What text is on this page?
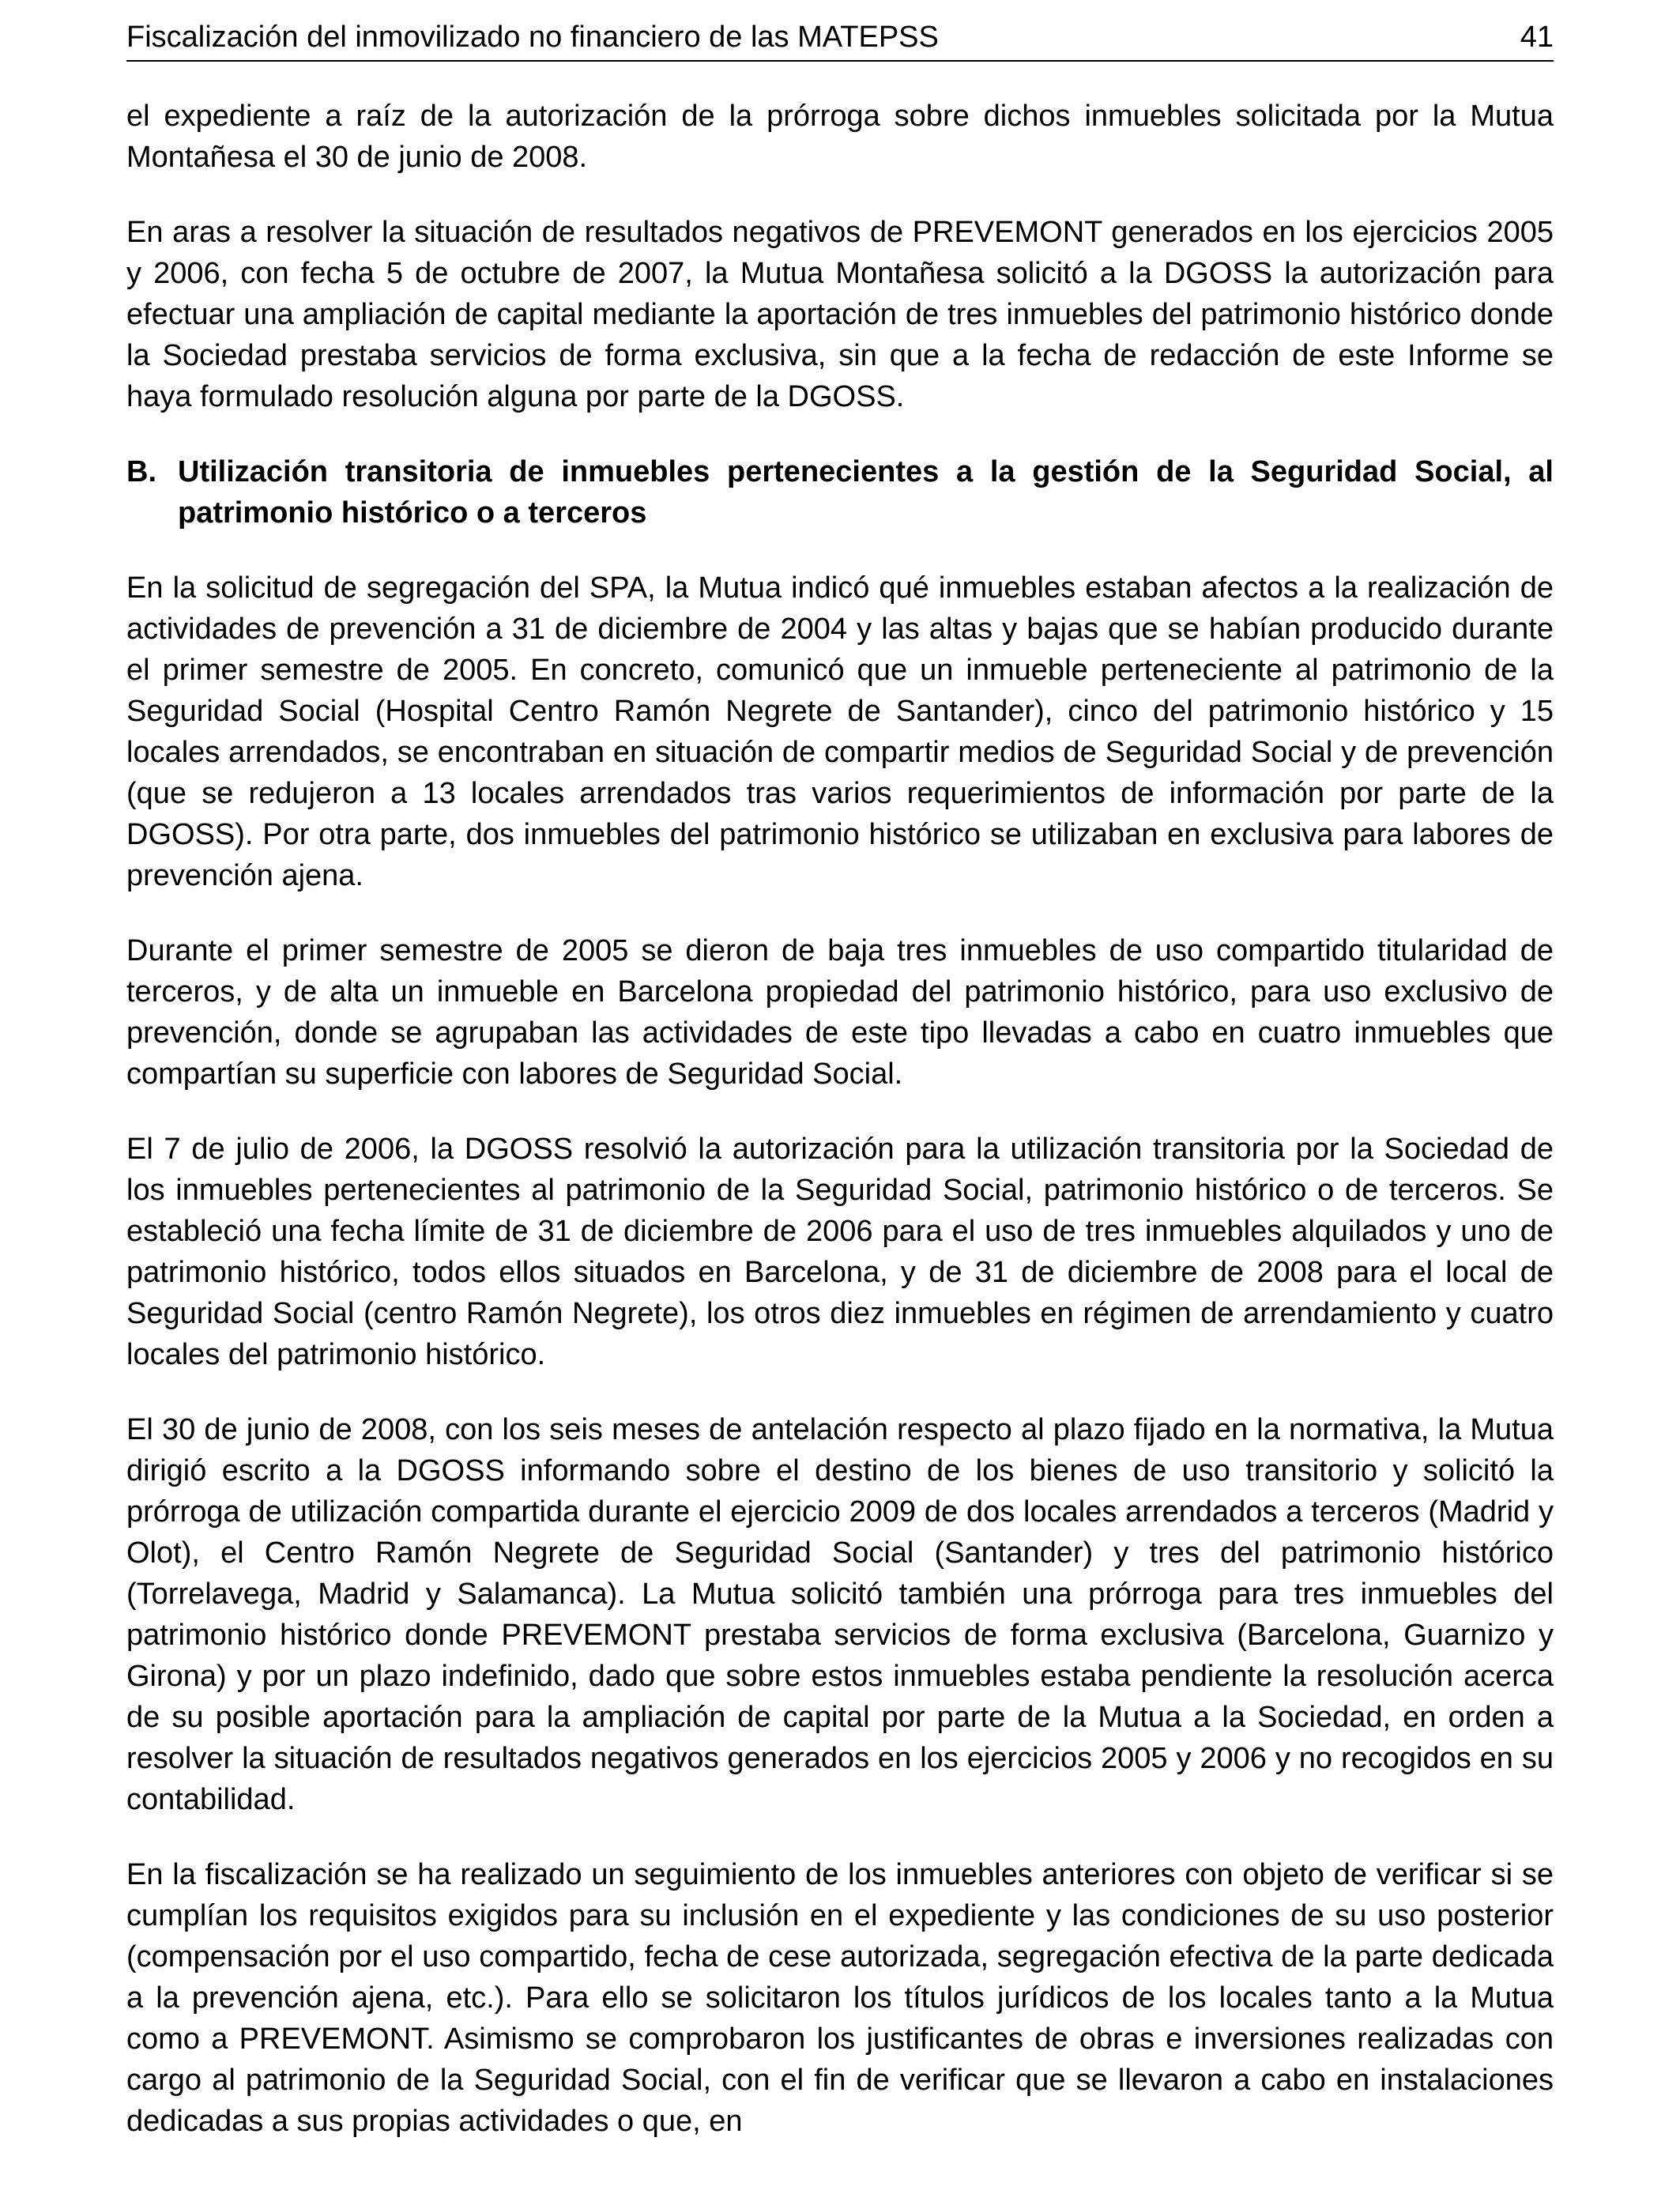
Fiscalización del inmovilizado no financiero de las MATEPSS	41

el expediente a raíz de la autorización de la prórroga sobre dichos inmuebles solicitada por la Mutua Montañesa el 30 de junio de 2008.

En aras a resolver la situación de resultados negativos de PREVEMONT generados en los ejercicios 2005 y 2006, con fecha 5 de octubre de 2007, la Mutua Montañesa solicitó a la DGOSS la autorización para efectuar una ampliación de capital mediante la aportación de tres inmuebles del patrimonio histórico donde la Sociedad prestaba servicios de forma exclusiva, sin que a la fecha de redacción de este Informe se haya formulado resolución alguna por parte de la DGOSS.

B. Utilización transitoria de inmuebles pertenecientes a la gestión de la Seguridad Social, al patrimonio histórico o a terceros

En la solicitud de segregación del SPA, la Mutua indicó qué inmuebles estaban afectos a la realización de actividades de prevención a 31 de diciembre de 2004 y las altas y bajas que se habían producido durante el primer semestre de 2005. En concreto, comunicó que un inmueble perteneciente al patrimonio de la Seguridad Social (Hospital Centro Ramón Negrete de Santander), cinco del patrimonio histórico y 15 locales arrendados, se encontraban en situación de compartir medios de Seguridad Social y de prevención (que se redujeron a 13 locales arrendados tras varios requerimientos de información por parte de la DGOSS). Por otra parte, dos inmuebles del patrimonio histórico se utilizaban en exclusiva para labores de prevención ajena.

Durante el primer semestre de 2005 se dieron de baja tres inmuebles de uso compartido titularidad de terceros, y de alta un inmueble en Barcelona propiedad del patrimonio histórico, para uso exclusivo de prevención, donde se agrupaban las actividades de este tipo llevadas a cabo en cuatro inmuebles que compartían su superficie con labores de Seguridad Social.

El 7 de julio de 2006, la DGOSS resolvió la autorización para la utilización transitoria por la Sociedad de los inmuebles pertenecientes al patrimonio de la Seguridad Social, patrimonio histórico o de terceros. Se estableció una fecha límite de 31 de diciembre de 2006 para el uso de tres inmuebles alquilados y uno de patrimonio histórico, todos ellos situados en Barcelona, y de 31 de diciembre de 2008 para el local de Seguridad Social (centro Ramón Negrete), los otros diez inmuebles en régimen de arrendamiento y cuatro locales del patrimonio histórico.

El 30 de junio de 2008, con los seis meses de antelación respecto al plazo fijado en la normativa, la Mutua dirigió escrito a la DGOSS informando sobre el destino de los bienes de uso transitorio y solicitó la prórroga de utilización compartida durante el ejercicio 2009 de dos locales arrendados a terceros (Madrid y Olot), el Centro Ramón Negrete de Seguridad Social (Santander) y tres del patrimonio histórico (Torrelavega, Madrid y Salamanca). La Mutua solicitó también una prórroga para tres inmuebles del patrimonio histórico donde PREVEMONT prestaba servicios de forma exclusiva (Barcelona, Guarnizo y Girona) y por un plazo indefinido, dado que sobre estos inmuebles estaba pendiente la resolución acerca de su posible aportación para la ampliación de capital por parte de la Mutua a la Sociedad, en orden a resolver la situación de resultados negativos generados en los ejercicios 2005 y 2006 y no recogidos en su contabilidad.

En la fiscalización se ha realizado un seguimiento de los inmuebles anteriores con objeto de verificar si se cumplían los requisitos exigidos para su inclusión en el expediente y las condiciones de su uso posterior (compensación por el uso compartido, fecha de cese autorizada, segregación efectiva de la parte dedicada a la prevención ajena, etc.). Para ello se solicitaron los títulos jurídicos de los locales tanto a la Mutua como a PREVEMONT. Asimismo se comprobaron los justificantes de obras e inversiones realizadas con cargo al patrimonio de la Seguridad Social, con el fin de verificar que se llevaron a cabo en instalaciones dedicadas a sus propias actividades o que, en
